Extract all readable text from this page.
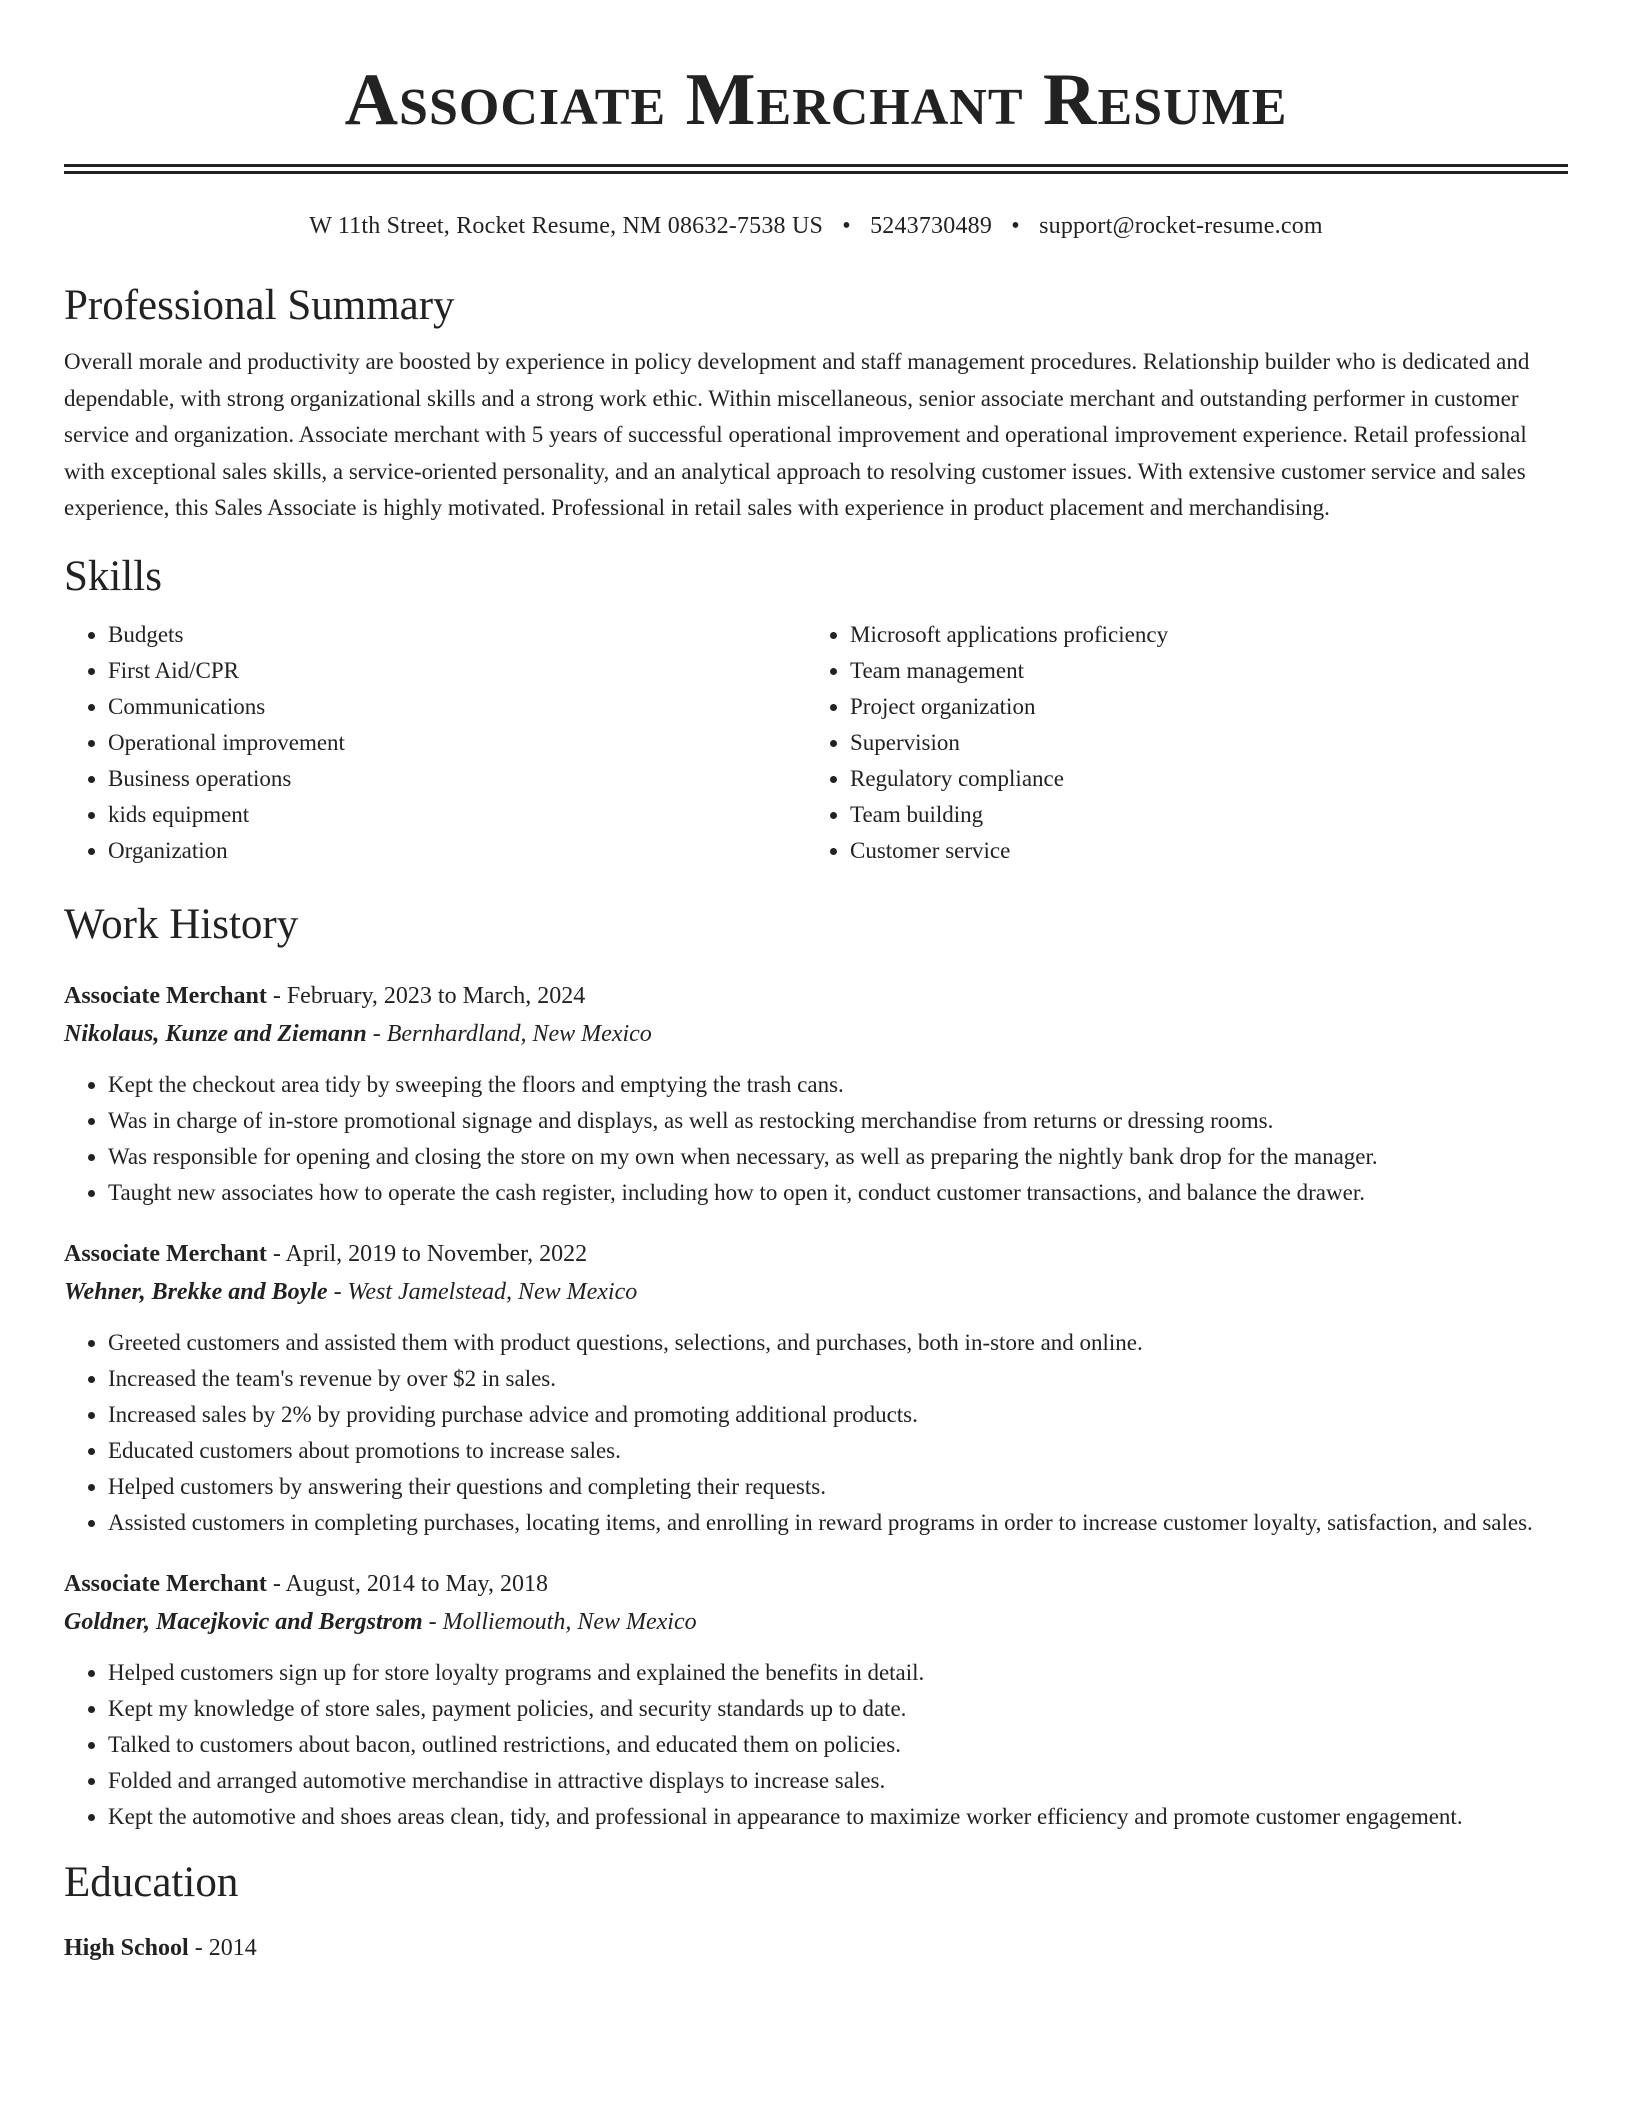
Associate Merchant Resume
W 11th Street, Rocket Resume, NM 08632-7538 US • 5243730489 • support@rocket-resume.com
Professional Summary

Overall morale and productivity are boosted by experience in policy development and staff management procedures. Relationship builder who is dedicated and dependable, with strong organizational skills and a strong work ethic. Within miscellaneous, senior associate merchant and outstanding performer in customer service and organization. Associate merchant with 5 years of successful operational improvement and operational improvement experience. Retail professional with exceptional sales skills, a service-oriented personality, and an analytical approach to resolving customer issues. With extensive customer service and sales experience, this Sales Associate is highly motivated. Professional in retail sales with experience in product placement and merchandising.

Skills
• Budgets
• First Aid/CPR
• Communications
• Operational improvement
• Business operations
• kids equipment
• Organization
• Microsoft applications proficiency
• Team management
• Project organization
• Supervision
• Regulatory compliance
• Team building
• Customer service
Work History
Associate Merchant - February, 2023 to March, 2024
Nikolaus, Kunze and Ziemann - Bernhardland, New Mexico
• Kept the checkout area tidy by sweeping the floors and emptying the trash cans.
• Was in charge of in-store promotional signage and displays, as well as restocking merchandise from returns or dressing rooms.
• Was responsible for opening and closing the store on my own when necessary, as well as preparing the nightly bank drop for the manager.
• Taught new associates how to operate the cash register, including how to open it, conduct customer transactions, and balance the drawer.
Associate Merchant - April, 2019 to November, 2022
Wehner, Brekke and Boyle - West Jamelstead, New Mexico
• Greeted customers and assisted them with product questions, selections, and purchases, both in-store and online.
• Increased the team's revenue by over $2 in sales.
• Increased sales by 2% by providing purchase advice and promoting additional products.
• Educated customers about promotions to increase sales.
• Helped customers by answering their questions and completing their requests.
• Assisted customers in completing purchases, locating items, and enrolling in reward programs in order to increase customer loyalty, satisfaction, and sales.
Associate Merchant - August, 2014 to May, 2018
Goldner, Macejkovic and Bergstrom - Molliemouth, New Mexico
• Helped customers sign up for store loyalty programs and explained the benefits in detail.
• Kept my knowledge of store sales, payment policies, and security standards up to date.
• Talked to customers about bacon, outlined restrictions, and educated them on policies.
• Folded and arranged automotive merchandise in attractive displays to increase sales.
• Kept the automotive and shoes areas clean, tidy, and professional in appearance to maximize worker efficiency and promote customer engagement.
Education
High School - 2014
